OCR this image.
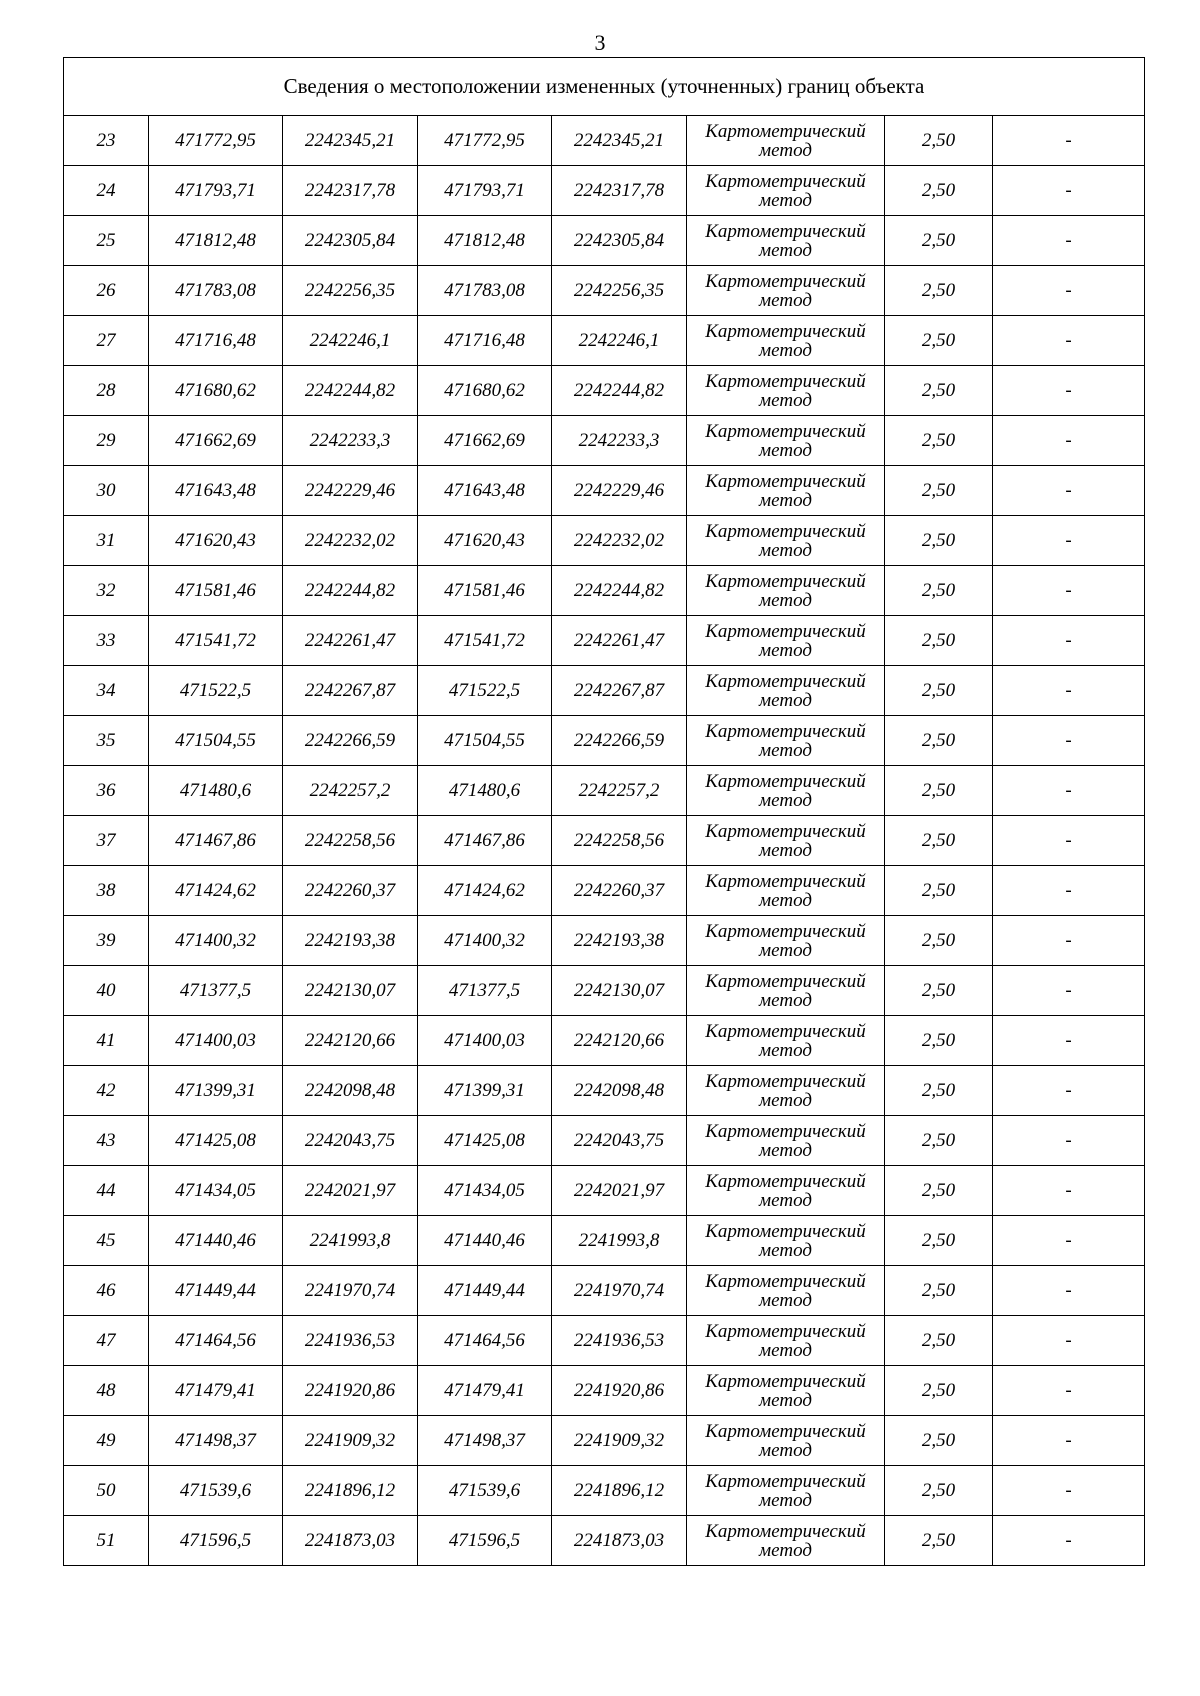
3
Сведения о местоположении измененных (уточненных) границ объекта							
23	471772,95	2242345,21	471772,95	2242345,21	Картометрический
метод	2,50	-
24	471793,71	2242317,78	471793,71	2242317,78	Картометрический
метод	2,50	-
25	471812,48	2242305,84	471812,48	2242305,84	Картометрический
метод	2,50	-
26	471783,08	2242256,35	471783,08	2242256,35	Картометрический
метод	2,50	-
27	471716,48	2242246,1	471716,48	2242246,1	Картометрический
метод	2,50	-
28	471680,62	2242244,82	471680,62	2242244,82	Картометрический
метод	2,50	-
29	471662,69	2242233,3	471662,69	2242233,3	Картометрический
метод	2,50	-
30	471643,48	2242229,46	471643,48	2242229,46	Картометрический
метод	2,50	-
31	471620,43	2242232,02	471620,43	2242232,02	Картометрический
метод	2,50	-
32	471581,46	2242244,82	471581,46	2242244,82	Картометрический
метод	2,50	-
33	471541,72	2242261,47	471541,72	2242261,47	Картометрический
метод	2,50	-
34	471522,5	2242267,87	471522,5	2242267,87	Картометрический
метод	2,50	-
35	471504,55	2242266,59	471504,55	2242266,59	Картометрический
метод	2,50	-
36	471480,6	2242257,2	471480,6	2242257,2	Картометрический
метод	2,50	-
37	471467,86	2242258,56	471467,86	2242258,56	Картометрический
метод	2,50	-
38	471424,62	2242260,37	471424,62	2242260,37	Картометрический
метод	2,50	-
39	471400,32	2242193,38	471400,32	2242193,38	Картометрический
метод	2,50	-
40	471377,5	2242130,07	471377,5	2242130,07	Картометрический
метод	2,50	-
41	471400,03	2242120,66	471400,03	2242120,66	Картометрический
метод	2,50	-
42	471399,31	2242098,48	471399,31	2242098,48	Картометрический
метод	2,50	-
43	471425,08	2242043,75	471425,08	2242043,75	Картометрический
метод	2,50	-
44	471434,05	2242021,97	471434,05	2242021,97	Картометрический
метод	2,50	-
45	471440,46	2241993,8	471440,46	2241993,8	Картометрический
метод	2,50	-
46	471449,44	2241970,74	471449,44	2241970,74	Картометрический
метод	2,50	-
47	471464,56	2241936,53	471464,56	2241936,53	Картометрический
метод	2,50	-
48	471479,41	2241920,86	471479,41	2241920,86	Картометрический
метод	2,50	-
49	471498,37	2241909,32	471498,37	2241909,32	Картометрический
метод	2,50	-
50	471539,6	2241896,12	471539,6	2241896,12	Картометрический
метод	2,50	-
51	471596,5	2241873,03	471596,5	2241873,03	Картометрический
метод	2,50	-
